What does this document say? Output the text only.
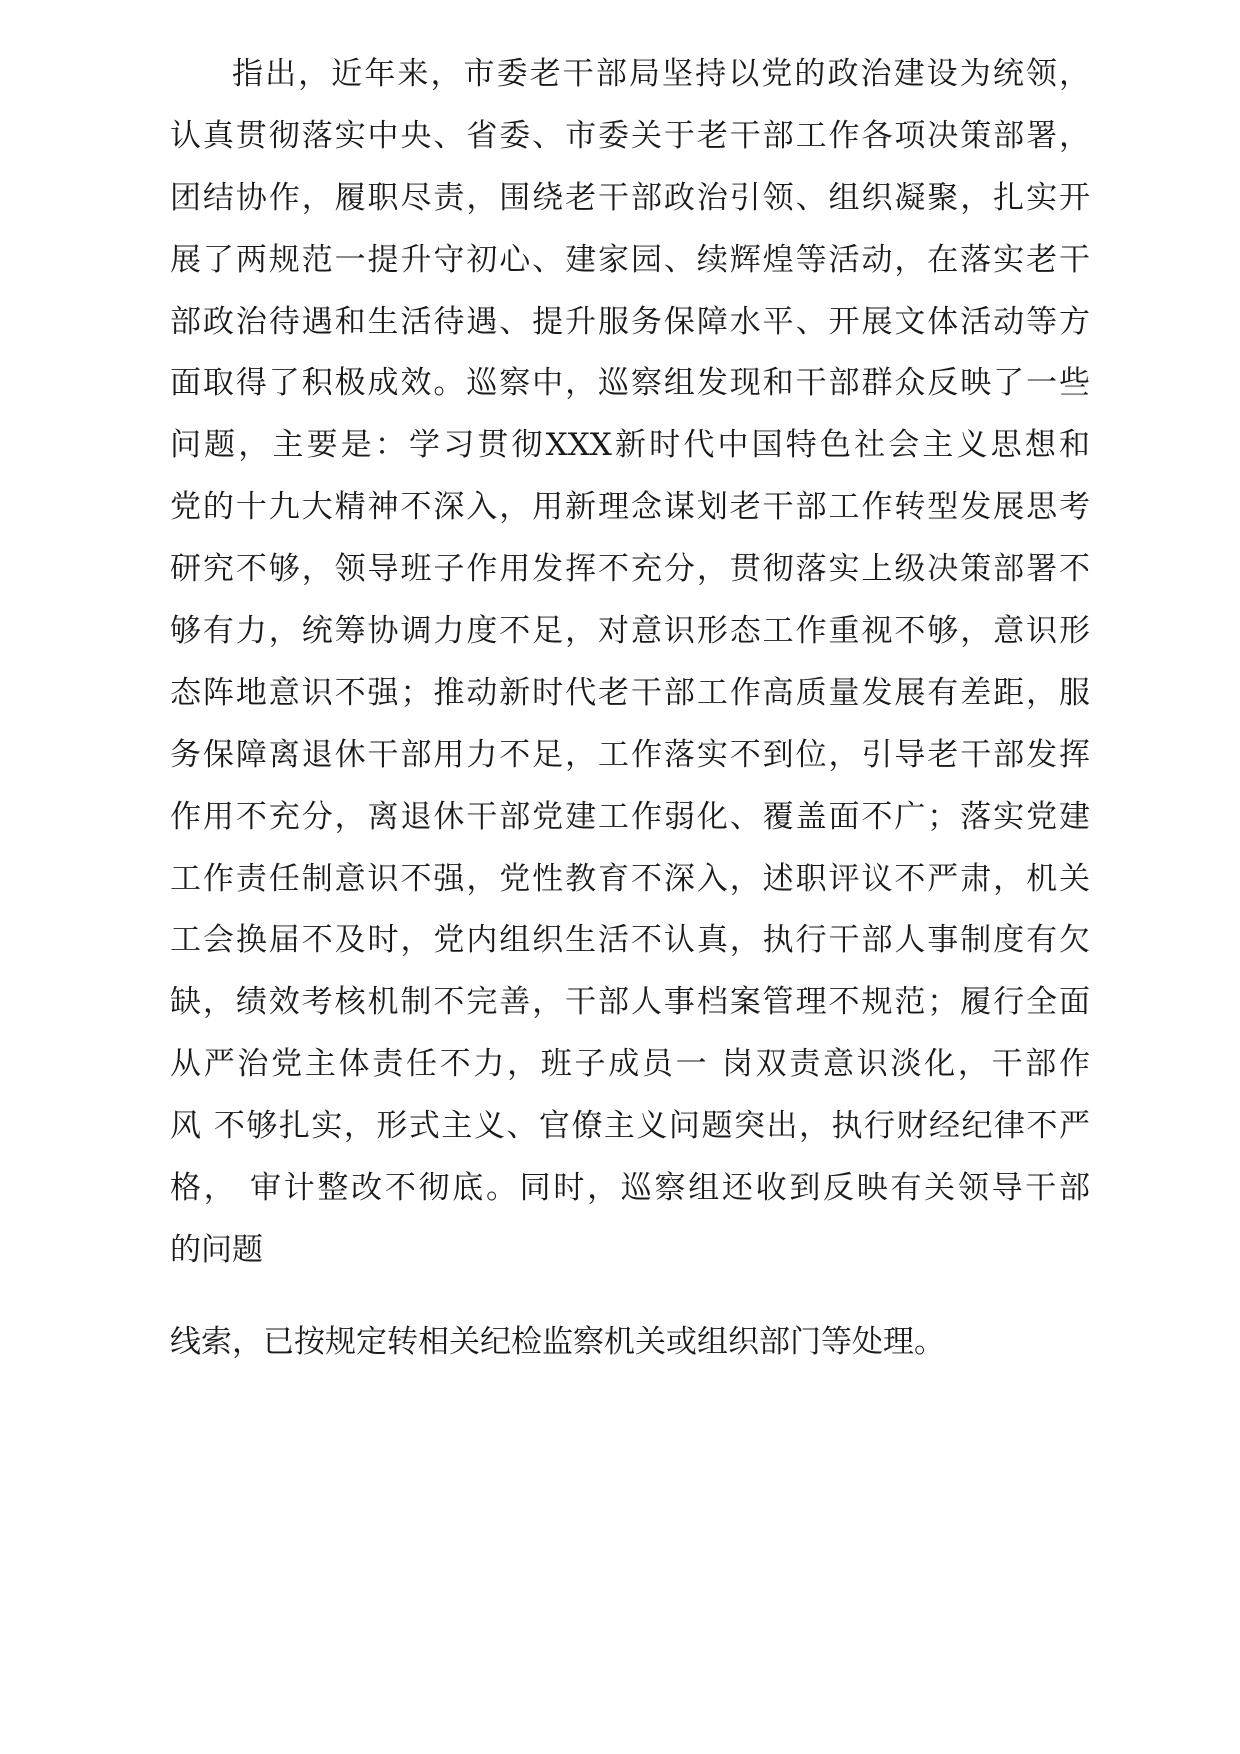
指出，近年来，市委老干部局坚持以党的政治建设为统领，
认真贯彻落实中央、省委、市委关于老干部工作各项决策部署，
团结协作，履职尽责，围绕老干部政治引领、组织凝聚，扎实开
展了两规范一提升守初心、建家园、续辉煌等活动，在落实老干
部政治待遇和生活待遇、提升服务保障水平、开展文体活动等方
面取得了积极成效。巡察中，巡察组发现和干部群众反映了一些
问题，主要是：学习贯彻XXX新时代中国特色社会主义思想和
党的十九大精神不深入，用新理念谋划老干部工作转型发展思考
研究不够，领导班子作用发挥不充分，贯彻落实上级决策部署不
够有力，统筹协调力度不足，对意识形态工作重视不够，意识形
态阵地意识不强；推动新时代老干部工作高质量发展有差距，服
务保障离退休干部用力不足，工作落实不到位，引导老干部发挥
作用不充分，离退休干部党建工作弱化、覆盖面不广；落实党建
工作责任制意识不强，党性教育不深入，述职评议不严肃，机关
工会换届不及时，党内组织生活不认真，执行干部人事制度有欠
缺，绩效考核机制不完善，干部人事档案管理不规范；履行全面
从严治党主体责任不力，班子成员一 岗双责意识淡化，干部作
风 不够扎实，形式主义、官僚主义问题突出，执行财经纪律不严
格， 审计整改不彻底。同时，巡察组还收到反映有关领导干部
的问题
线索，已按规定转相关纪检监察机关或组织部门等处理。
